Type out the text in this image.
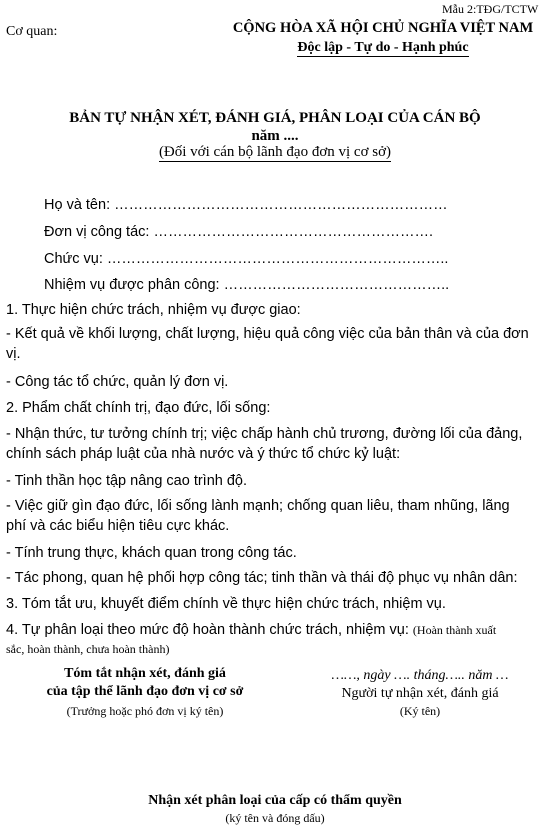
Mẫu 2:TĐG/TCTW
Cơ quan:	CỘNG HÒA XÃ HỘI CHỦ NGHĨA VIỆT NAM
Độc lập - Tự do - Hạnh phúc
BẢN TỰ NHẬN XÉT, ĐÁNH GIÁ, PHÂN LOẠI CỦA CÁN BỘ
năm ....
(Đối với cán bộ lãnh đạo đơn vị cơ sở)
Họ và tên: ……………………………………………………………
Đơn vị công tác: ………………………………………………….
Chức vụ: ……………………………………………………………..
Nhiệm vụ được phân công: ………………………………………..
1. Thực hiện chức trách, nhiệm vụ được giao:
- Kết quả về khối lượng, chất lượng, hiệu quả công việc của bản thân và của đơn
vị.
- Công tác tổ chức, quản lý đơn vị.
2. Phẩm chất chính trị, đạo đức, lối sống:
- Nhận thức, tư tưởng chính trị; việc chấp hành chủ trương, đường lối của đảng,
chính sách pháp luật của nhà nước và ý thức tổ chức kỷ luật:
- Tinh thần học tập nâng cao trình độ.
- Việc giữ gìn đạo đức, lối sống lành mạnh; chống quan liêu, tham nhũng, lãng
phí và các biểu hiện tiêu cực khác.
- Tính trung thực, khách quan trong công tác.
- Tác phong, quan hệ phối hợp công tác; tinh thần và thái độ phục vụ nhân dân:
3. Tóm tắt ưu, khuyết điểm chính về thực hiện chức trách, nhiệm vụ.
4. Tự phân loại theo mức độ hoàn thành chức trách, nhiệm vụ: (Hoàn thành xuất
sắc, hoàn thành, chưa hoàn thành)
Tóm tắt nhận xét, đánh giá
của tập thể lãnh đạo đơn vị cơ sở
(Trưởng hoặc phó đơn vị ký tên)
……, ngày …. tháng….. năm …
Người tự nhận xét, đánh giá
(Ký tên)
Nhận xét phân loại của cấp có thẩm quyền
(ký tên và đóng dấu)
